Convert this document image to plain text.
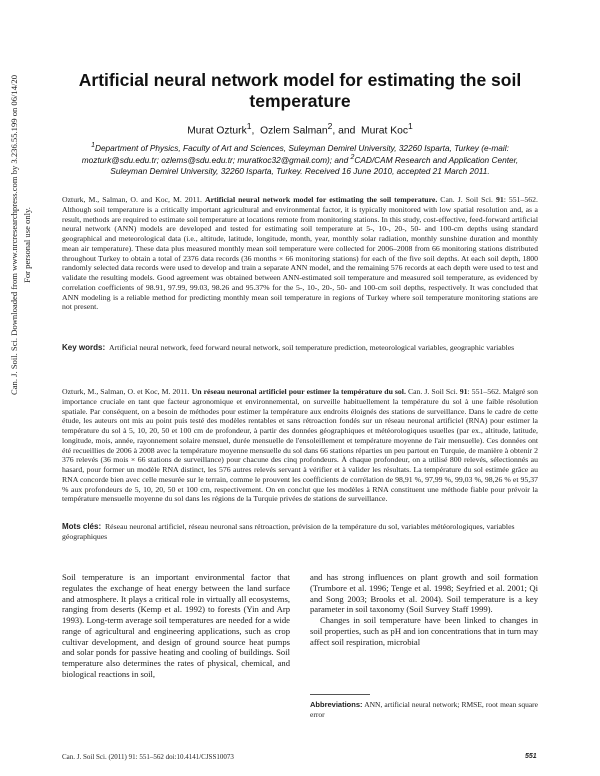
Can. J. Soil. Sci. Downloaded from www.nrcresearchpress.com by 3.236.55.199 on 06/14/20 For personal use only.
Artificial neural network model for estimating the soil temperature
Murat Ozturk$^1$,  Ozlem Salman$^2$, and  Murat Koc$^1$
$^1$Department of Physics, Faculty of Art and Sciences, Suleyman Demirel University, 32260 Isparta, Turkey (e-mail: mozturk@sdu.edu.tr; ozlems@sdu.edu.tr; muratkoc32@gmail.com); and $^2$CAD/CAM Research and Application Center, Suleyman Demirel University, 32260 Isparta, Turkey. Received 16 June 2010, accepted 21 March 2011.
Ozturk, M., Salman, O. and Koc, M. 2011. Artificial neural network model for estimating the soil temperature. Can. J. Soil Sci. 91: 551–562. Although soil temperature is a critically important agricultural and environmental factor, it is typically monitored with low spatial resolution and, as a result, methods are required to estimate soil temperature at locations remote from monitoring stations. In this study, cost-effective, feed-forward artificial neural network (ANN) models are developed and tested for estimating soil temperature at 5-, 10-, 20-, 50- and 100-cm depths using standard geographical and meteorological data (i.e., altitude, latitude, longitude, month, year, monthly solar radiation, monthly sunshine duration and monthly mean air temperature). These data plus measured monthly mean soil temperature were collected for 2006–2008 from 66 monitoring stations distributed throughout Turkey to obtain a total of 2376 data records (36 months × 66 monitoring stations) for each of the five soil depths. At each soil depth, 1800 randomly selected data records were used to develop and train a separate ANN model, and the remaining 576 records at each depth were used to test and validate the resulting models. Good agreement was obtained between ANN-estimated soil temperature and measured soil temperature, as evidenced by correlation coefficients of 98.91, 97.99, 99.03, 98.26 and 95.37% for the 5-, 10-, 20-, 50- and 100-cm soil depths, respectively. It was concluded that ANN modeling is a reliable method for predicting monthly mean soil temperature in regions of Turkey where soil temperature monitoring stations are not present.
Key words: Artificial neural network, feed forward neural network, soil temperature prediction, meteorological variables, geographic variables
Ozturk, M., Salman, O. et Koc, M. 2011. Un réseau neuronal artificiel pour estimer la température du sol. Can. J. Soil Sci. 91: 551–562. Malgré son importance cruciale en tant que facteur agronomique et environnemental, on surveille habituellement la température du sol à une faible résolution spatiale. Par conséquent, on a besoin de méthodes pour estimer la température aux endroits éloignés des stations de surveillance. Dans le cadre de cette étude, les auteurs ont mis au point puis testé des modèles rentables et sans rétroaction fondés sur un réseau neuronal artificiel (RNA) pour estimer la température du sol à 5, 10, 20, 50 et 100 cm de profondeur, à partir des données géographiques et météorologiques usuelles (par ex., altitude, latitude, longitude, mois, année, rayonnement solaire mensuel, durée mensuelle de l'ensoleillement et température moyenne de l'air mensuelle). Ces données ont été recueillies de 2006 à 2008 avec la température moyenne mensuelle du sol dans 66 stations réparties un peu partout en Turquie, de manière à obtenir 2 376 relevés (36 mois × 66 stations de surveillance) pour chacune des cinq profondeurs. À chaque profondeur, on a utilisé 800 relevés, sélectionnés au hasard, pour former un modèle RNA distinct, les 576 autres relevés servant à vérifier et à valider les résultats. La température du sol estimée grâce au RNA concorde bien avec celle mesurée sur le terrain, comme le prouvent les coefficients de corrélation de 98,91 %, 97,99 %, 99,03 %, 98,26 % et 95,37 % aux profondeurs de 5, 10, 20, 50 et 100 cm, respectivement. On en conclut que les modèles à RNA constituent une méthode fiable pour prévoir la température mensuelle moyenne du sol dans les régions de la Turquie privées de stations de surveillance.
Mots clés: Réseau neuronal artificiel, réseau neuronal sans rétroaction, prévision de la température du sol, variables météorologiques, variables géographiques

Soil temperature is an important environmental factor that regulates the exchange of heat energy between the land surface and atmosphere. It plays a critical role in virtually all ecosystems, ranging from deserts (Kemp et al. 1992) to forests (Yin and Arp 1993). Long-term average soil temperatures are needed for a wide range of agricultural and engineering applications, such as crop cultivar development, and design of ground source heat pumps and solar ponds for passive heating and cooling of buildings. Soil temperature also determines the rates of physical, chemical, and biological reactions in soil,

and has strong influences on plant growth and soil formation (Trumbore et al. 1996; Tenge et al. 1998; Seyfried et al. 2001; Qi and Song 2003; Brooks et al. 2004). Soil temperature is a key parameter in soil taxonomy (Soil Survey Staff 1999).

Changes in soil temperature have been linked to changes in soil properties, such as pH and ion concentrations that in turn may affect soil respiration, microbial

Abbreviations: ANN, artificial neural network; RMSE, root mean square error
Can. J. Soil Sci. (2011) 91: 551–562 doi:10.4141/CJSS10073	551
